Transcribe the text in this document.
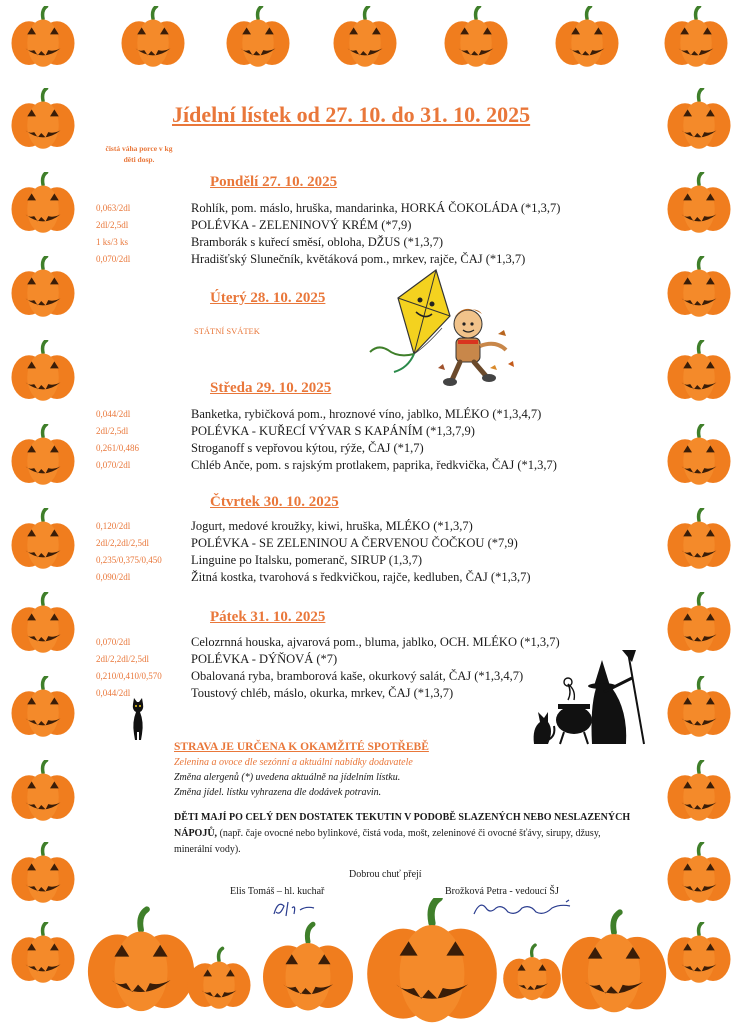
Jídelní lístek od 27. 10. do 31. 10. 2025
čistá váha porce v kg
děti dosp.
Pondělí 27. 10. 2025
0,063/2dl	Rohlík, pom. máslo, hruška, mandarinka, HORKÁ ČOKOLÁDA (*1,3,7)
2dl/2,5dl	POLÉVKA - ZELENINOVÝ KRÉM (*7,9)
1 ks/3 ks	Bramborák s kuřecí směsí, obloha, DŽUS (*1,3,7)
0,070/2dl	Hradišťský Slunečník, květáková pom., mrkev, rajče, ČAJ (*1,3,7)
Úterý 28. 10. 2025
STÁTNÍ SVÁTEK
Středa 29. 10. 2025
0,044/2dl	Banketka, rybičková pom., hroznové víno, jablko, MLÉKO (*1,3,4,7)
2dl/2,5dl	POLÉVKA - KUŘECÍ VÝVAR S KAPÁNÍM (*1,3,7,9)
0,261/0,486	Stroganoff s vepřovou kýtou, rýže, ČAJ (*1,7)
0,070/2dl	Chléb Ančе, pom. s rajským protlakem, paprika, ředkvička, ČAJ (*1,3,7)
Čtvrtek 30. 10. 2025
0,120/2dl	Jogurt, medové kroužky, kiwi, hruška, MLÉKO (*1,3,7)
2dl/2,2dl/2,5dl	POLÉVKA - SE ZELENINOU A ČERVENOU ČOČKOU (*7,9)
0,235/0,375/0,450	Linguine po Italsku, pomeranč, SIRUP (1,3,7)
0,090/2dl	Žitná kostka, tvarohová s ředkvičkou, rajče, kedluben, ČAJ (*1,3,7)
Pátek 31. 10. 2025
0,070/2dl	Celozrnná houska, ajvarová pom., bluma, jablko, OCH. MLÉKO (*1,3,7)
2dl/2,2dl/2,5dl	POLÉVKA - DÝŇOVÁ (*7)
0,210/0,410/0,570	Obalovaná ryba, bramborová kaše, okurkový salát, ČAJ (*1,3,4,7)
0,044/2dl	Toustový chléb, máslo, okurka, mrkev, ČAJ (*1,3,7)
STRAVA JE URČENA K OKAMŽITÉ SPOTŘEBĚ
Zelenina a ovoce dle sezónní a aktuální nabídky dodavatele
Změna alergenů (*) uvedena aktuálně na jídelním lístku.
Změna jídel. lístku vyhrazena dle dodávek potravin.
DĚTI MAJÍ PO CELÝ DEN DOSTATEK TEKUTIN V PODOBĚ SLAZENÝCH NEBO NESLAZENÝCH NÁPOJŮ, (např. čaje ovocné nebo bylinkové, čistá voda, mošt, zeleninové či ovocné šťávy, sirupy, džusy, minerální vody).
Dobrou chuť přejí
Elis Tomáš – hl. kuchař	Brožková Petra - vedoucí ŠJ
